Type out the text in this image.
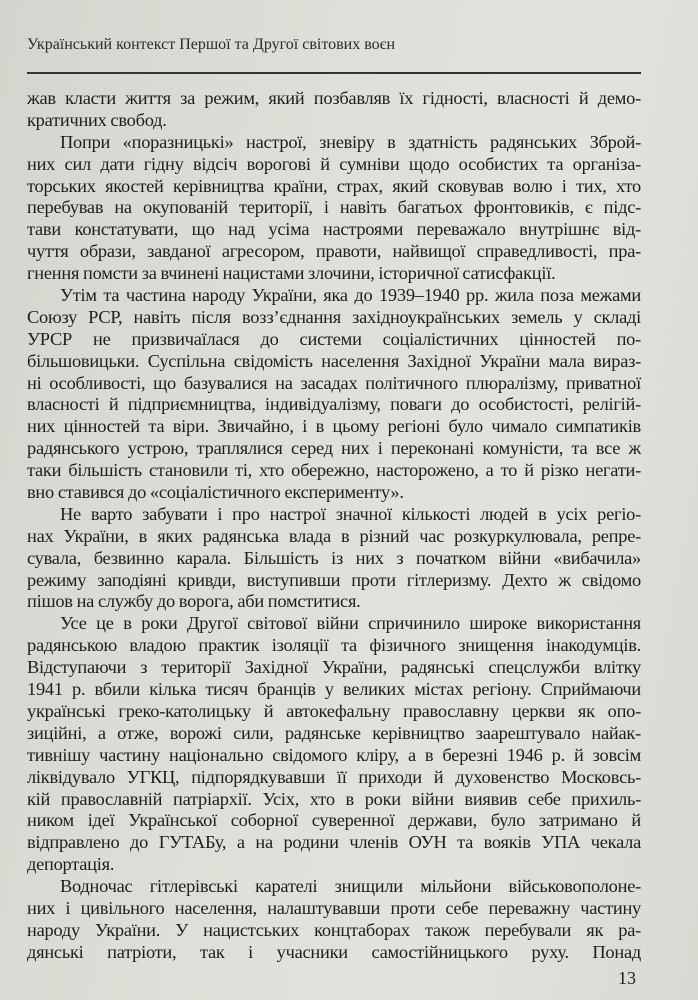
Український контекст Першої та Другої світових воєн
жав класти життя за режим, який позбавляв їх гідності, власності й демо-
кратичних свобод.
Попри «поразницькі» настрої, зневіру в здатність радянських Збрoй-
них сил дати гідну відсіч ворогові й сумніви щодо особистих та організа-
торських якостей керівництва країни, страх, який сковував волю і тих, хто
перебував на окупованій території, і навіть багатьох фронтовиків, є підс-
тави констатувати, що над усіма настроями переважало внутрішнє від-
чуття образи, завданої агресором, правоти, найвищої справедливості, пра-
гнення помсти за вчинені нацистами злочини, історичної сатисфакції.
Утім та частина народу України, яка до 1939–1940 рр. жила поза межами
Союзу РСР, навіть після возз’єднання західноукраїнських земель у складі
УРСР не призвичаїлася до системи соціалістичних цінностей по-
більшовицьки. Суспільна свідомість населення Західної України мала вираз-
ні особливості, що базувалися на засадах політичного плюралізму, приватної
власності й підприємництва, індивідуалізму, поваги до особистості, релігій-
них цінностей та віри. Звичайно, і в цьому регіоні було чимало симпатиків
радянського устрою, траплялися серед них і переконані комуністи, та все ж
таки більшість становили ті, хто обережно, настороженo, а то й різко негати-
вно ставився до «соціалістичного експерименту».
Не варто забувати і про настрої значної кількості людей в усіх регіо-
нах України, в яких радянська влада в різний час розкуркулювала, репре-
сувала, безвинно карала. Більшість із них з початком війни «вибачила»
режиму заподіяні кривди, виступивши проти гітлеризму. Дехто ж свідомо
пішов на службу до ворога, аби помститися.
Усе це в роки Другої світової війни спричинило широке використання
радянською владою практик ізоляції та фізичного знищення інакодумців.
Відступаючи з території Західної України, радянські спецслужби влітку
1941 р. вбили кілька тисяч бранців у великих містах регіону. Сприймаючи
українські греко-католицьку й автокефальну православну церкви як опо-
зиційні, а отже, ворожі сили, радянське керівництво заарештувало найак-
тивнішу частину національно свідомого кліру, а в березні 1946 р. й зовсім
ліквідувало УГКЦ, підпорядкувавши її приходи й духовенство Московсь-
кій православній патріархії. Усіх, хто в роки війни виявив себе прихиль-
ником ідеї Української соборної суверенної держави, було затримано й
відправлено до ГУТАБу, а на родини членів ОУН та вояків УПА чекала
депортація.
Водночас гітлерівські карателі знищили мільйони військовополоне-
них і цивільного населення, налаштувавши проти себе переважну частину
народу України. У нацистських концтаборах також перебували як ра-
дянські патріоти, так і учасники самостійницького руху. Понад
13
